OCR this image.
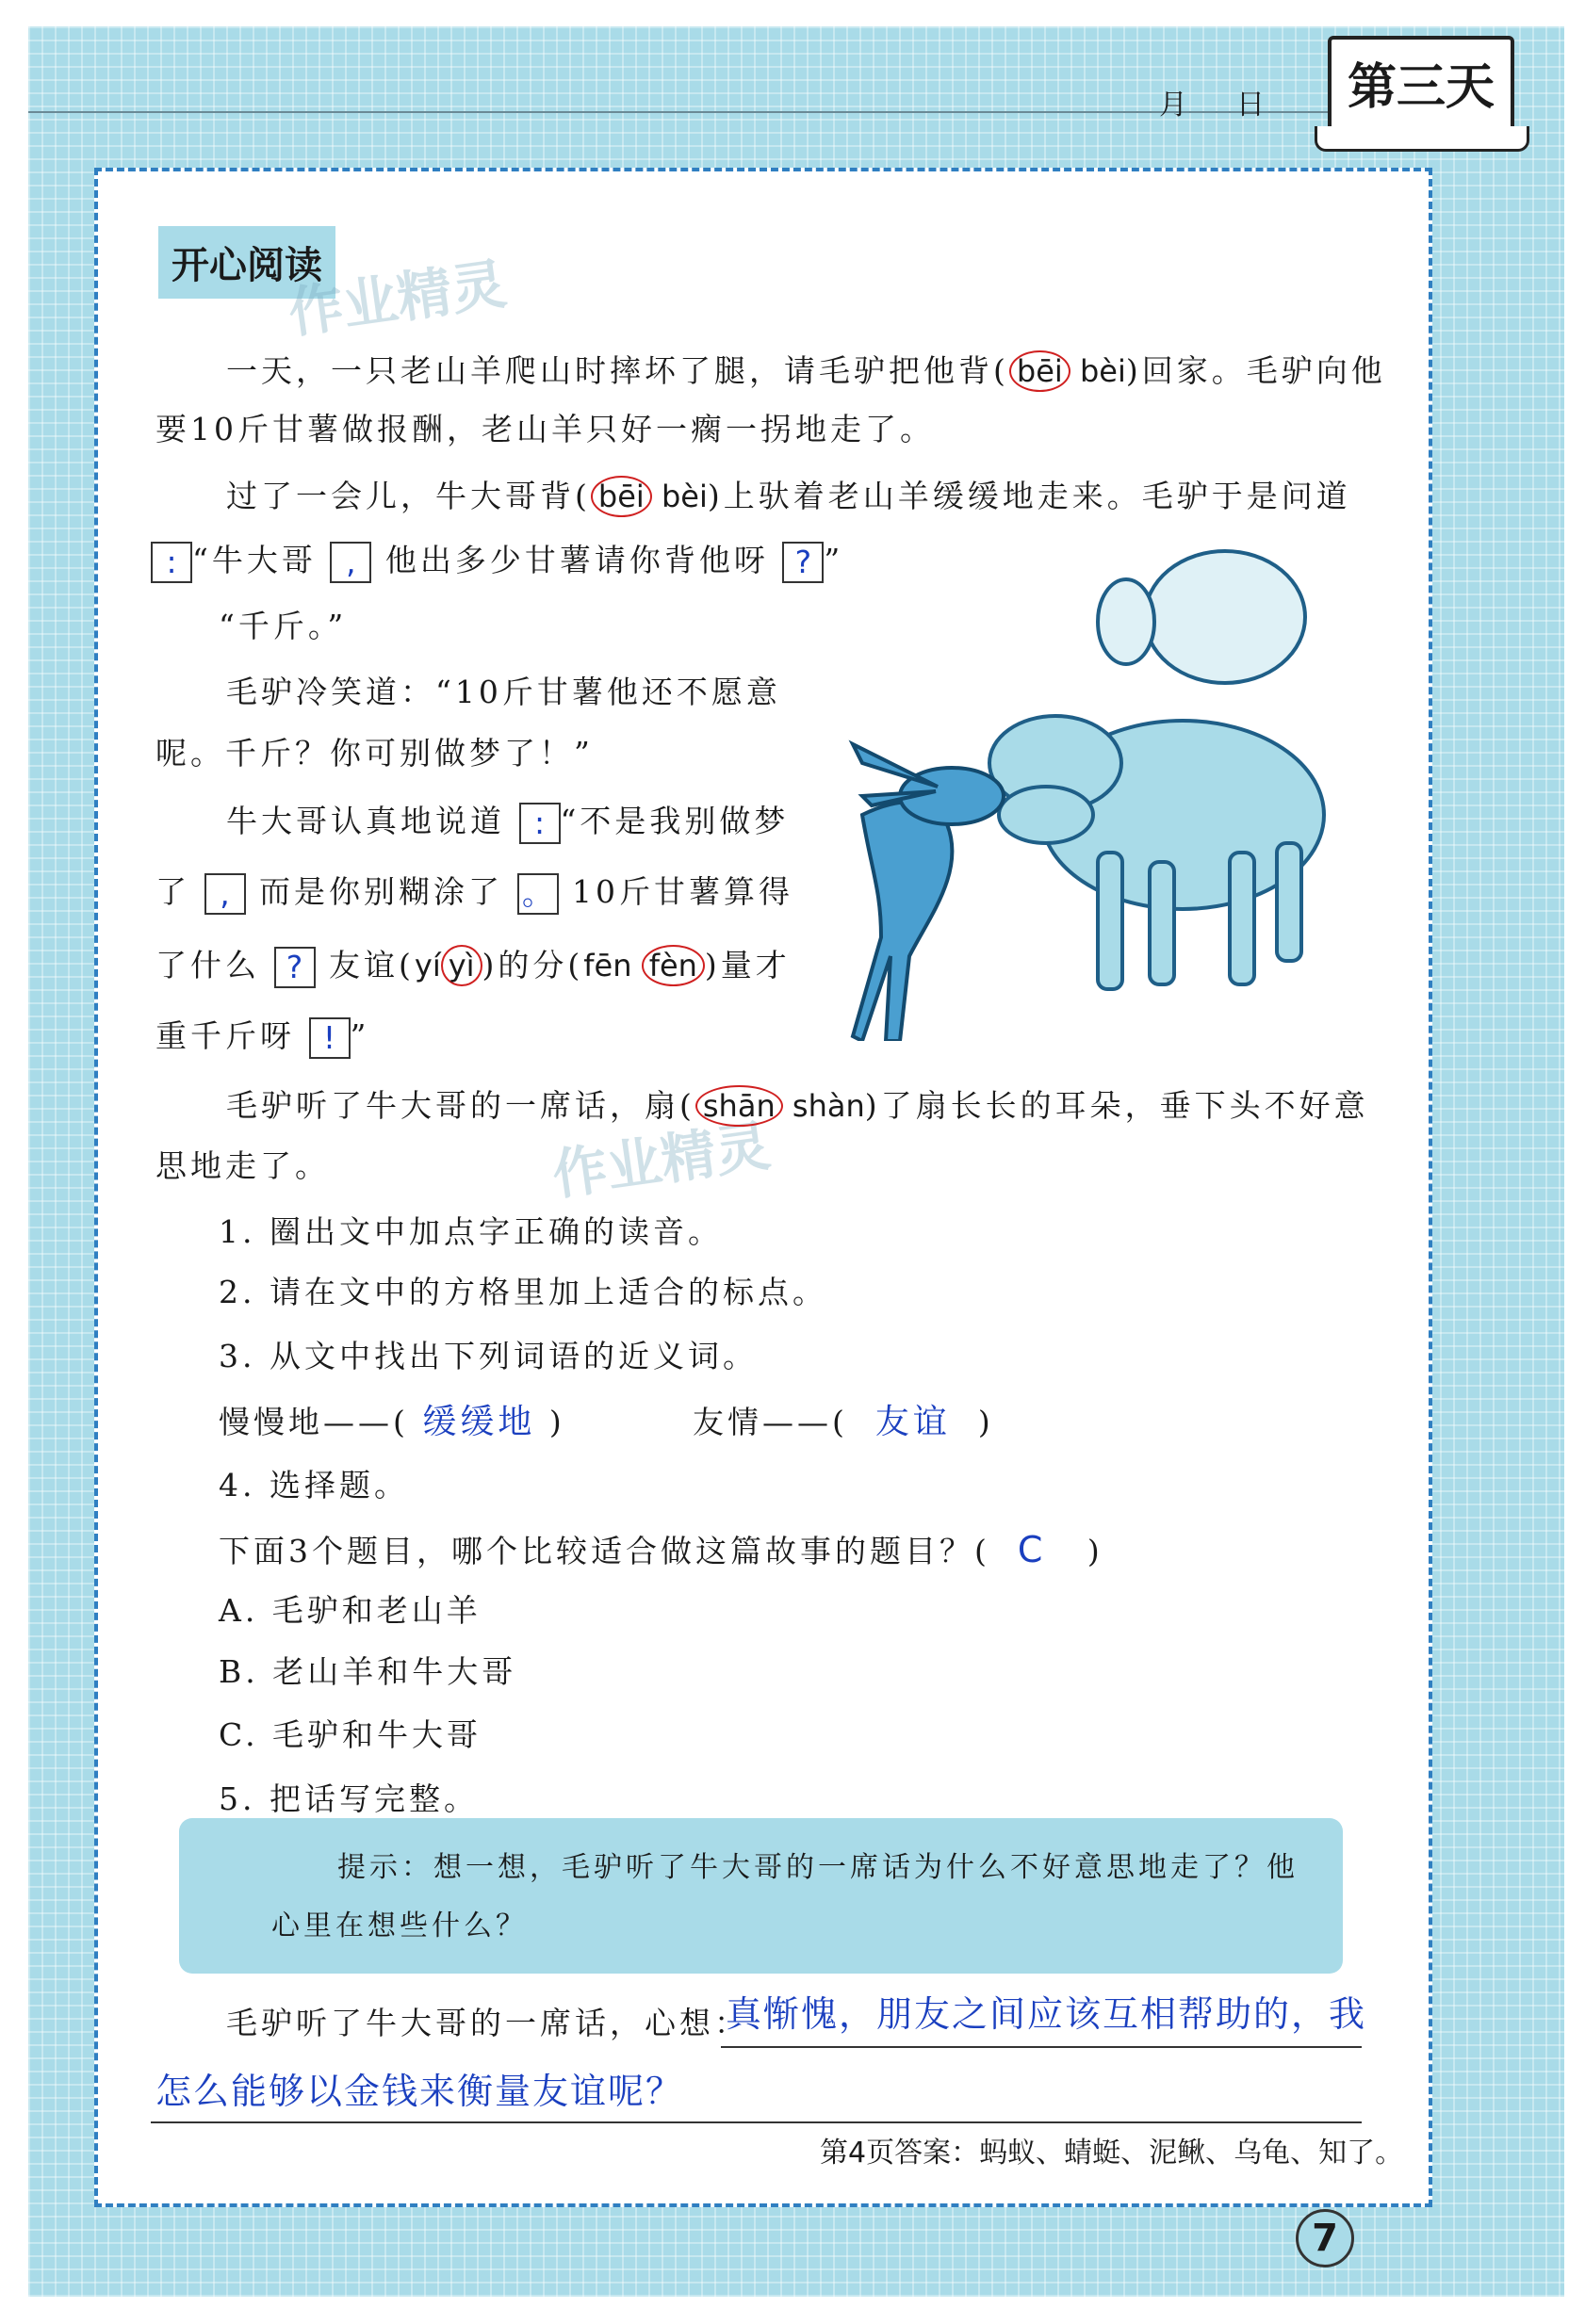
月 日	第三天
开心阅读
作业精灵
作业精灵
一天，一只老山羊爬山时摔坏了腿，请毛驴把他背( bēi bèi)回家。毛驴向他
要10斤甘薯做报酬，老山羊只好一瘸一拐地走了。
过了一会儿，牛大哥背( bēi bèi)上驮着老山羊缓缓地走来。毛驴于是问道
: “牛大哥 , 他出多少甘薯请你背他呀 ? ”
“千斤。”
毛驴冷笑道：“10斤甘薯他还不愿意
呢。千斤？你可别做梦了！”
牛大哥认真地说道 : “不是我别做梦
了 , 而是你别糊涂了 。 10斤甘薯算得
了什么 ? 友谊(yí yì )的分(fēn fèn )量才
重千斤呀 ! ”
毛驴听了牛大哥的一席话，扇( shān shàn)了扇长长的耳朵，垂下头不好意
思地走了。
1. 圈出文中加点字正确的读音。
2. 请在文中的方格里加上适合的标点。
3. 从文中找出下列词语的近义词。
慢慢地——( 缓缓地 )	友情——( 友谊 )
4. 选择题。
下面3个题目，哪个比较适合做这篇故事的题目？( C )
A. 毛驴和老山羊
B. 老山羊和牛大哥
C. 毛驴和牛大哥
5. 把话写完整。
提示：想一想，毛驴听了牛大哥的一席话为什么不好意思地走了？他
心里在想些什么？
毛驴听了牛大哥的一席话，心想：
真惭愧，朋友之间应该互相帮助的，我
怎么能够以金钱来衡量友谊呢？
第4页答案：蚂蚁、蜻蜓、泥鳅、乌龟、知了。
7
